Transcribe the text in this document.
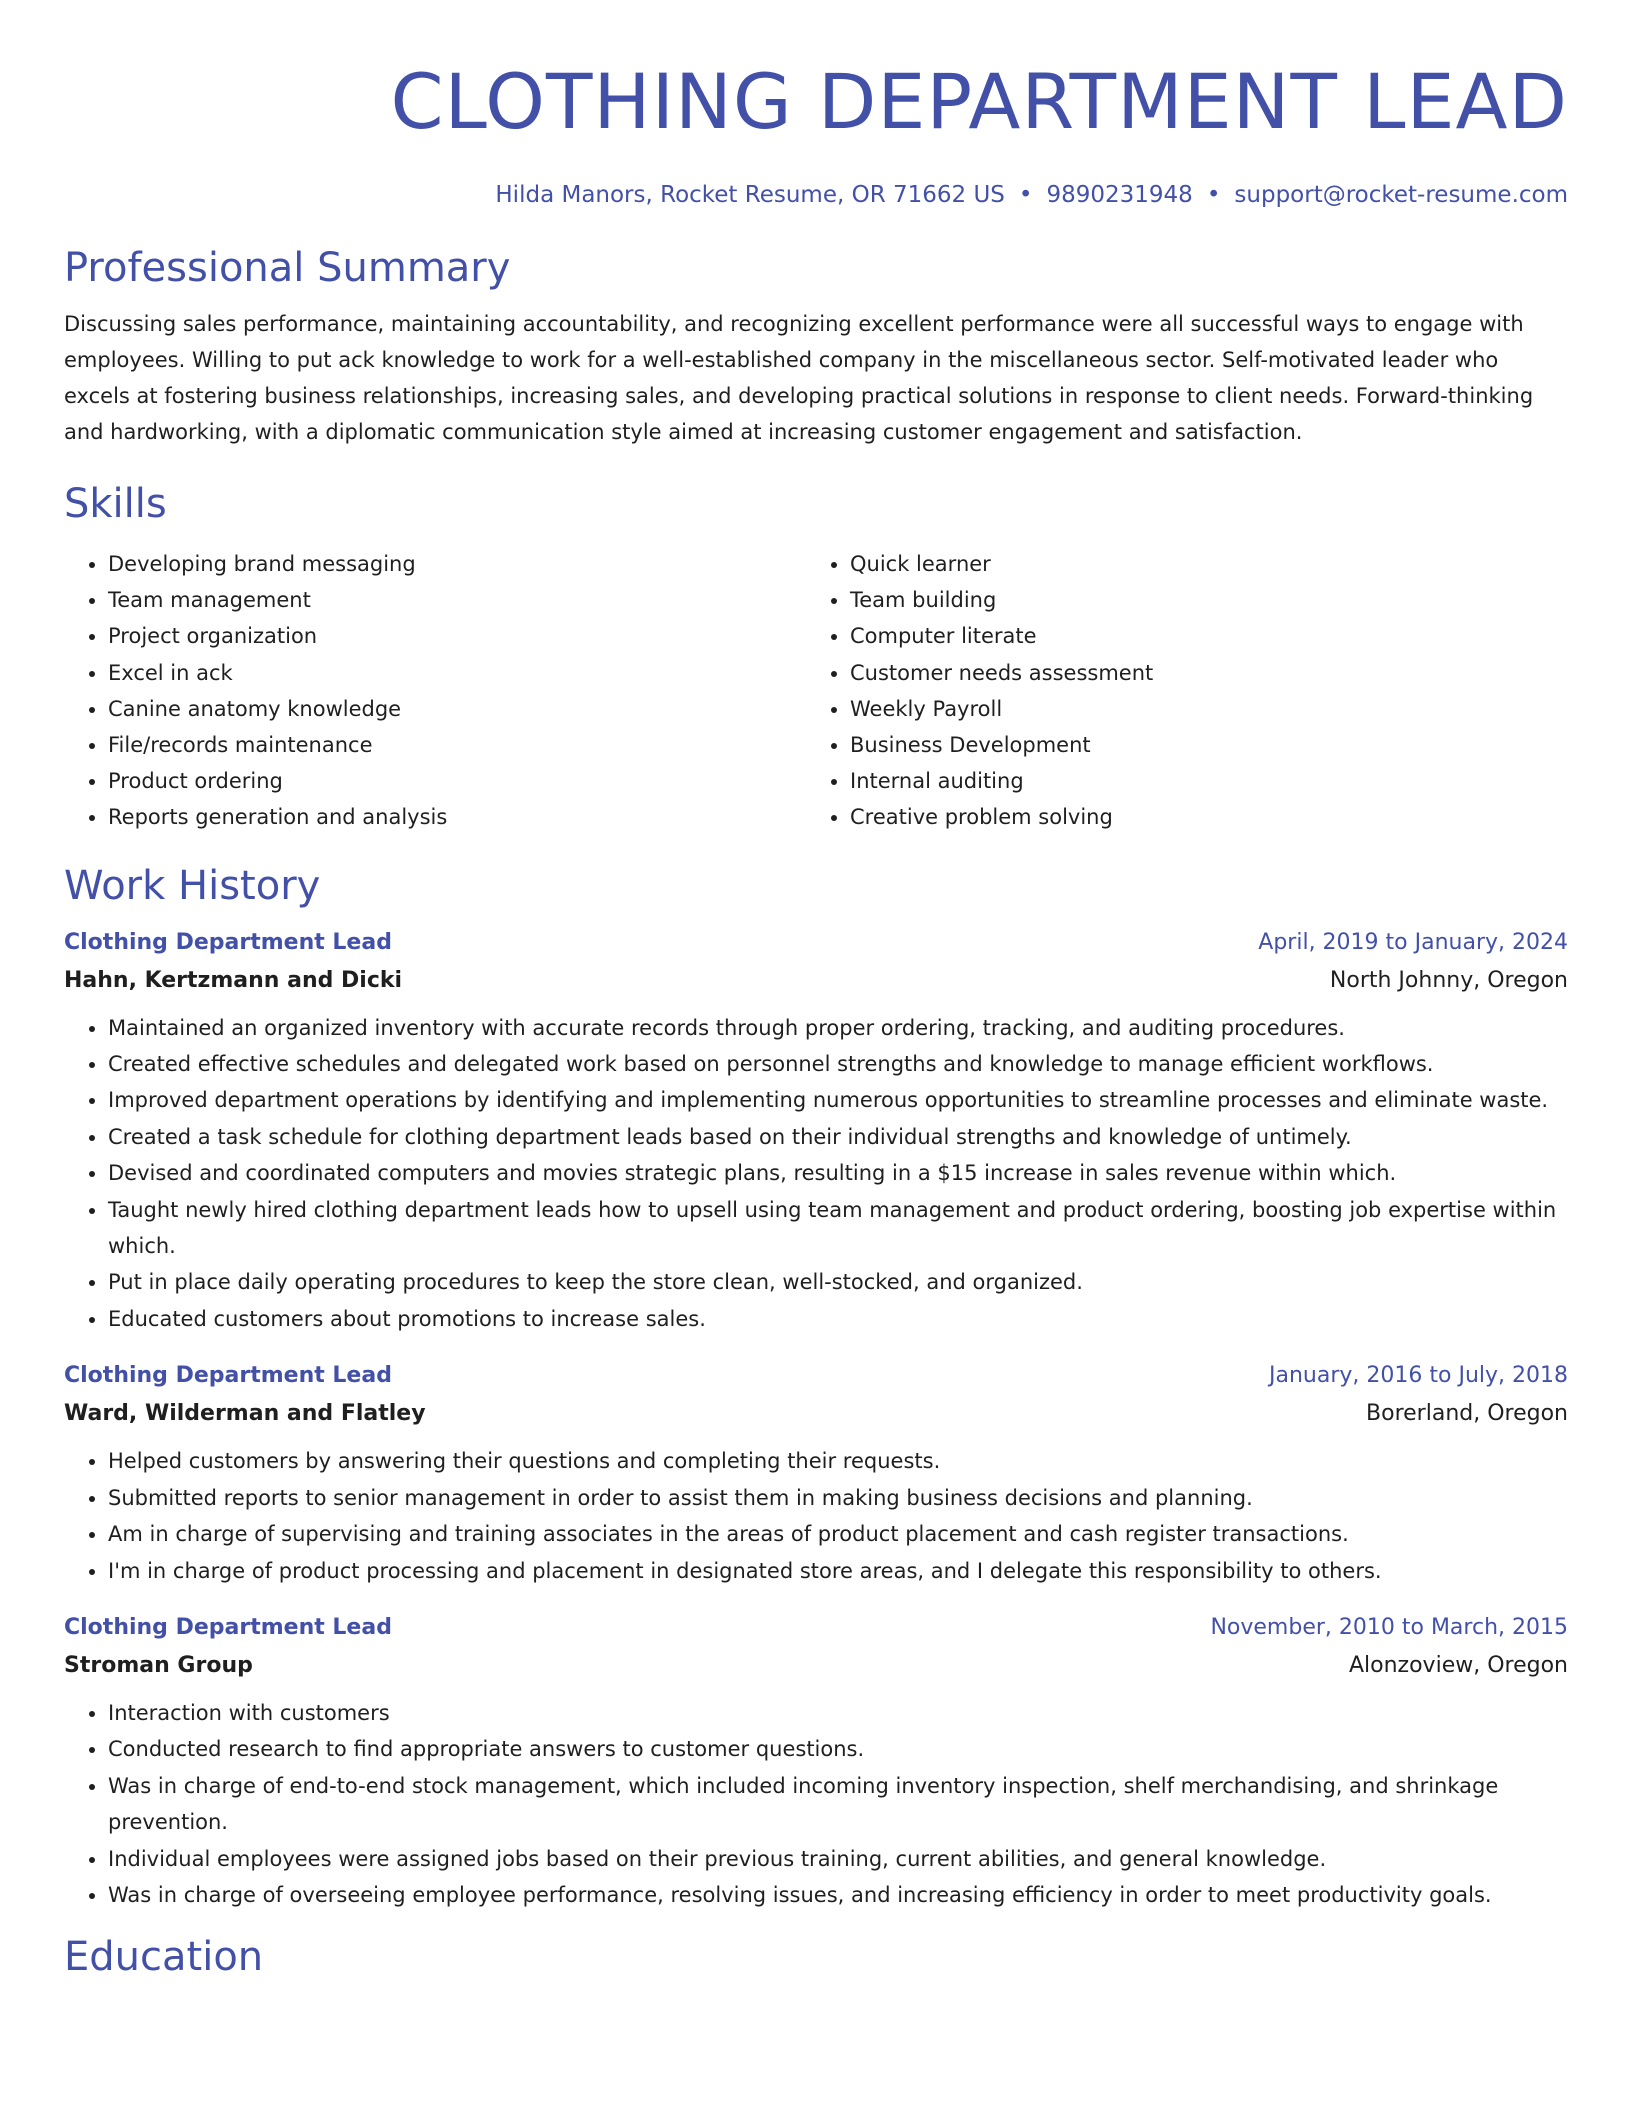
CLOTHING DEPARTMENT LEAD
Hilda Manors, Rocket Resume, OR 71662 US • 9890231948 • support@rocket-resume.com
Professional Summary
Discussing sales performance, maintaining accountability, and recognizing excellent performance were all successful ways to engage with employees. Willing to put ack knowledge to work for a well-established company in the miscellaneous sector. Self-motivated leader who excels at fostering business relationships, increasing sales, and developing practical solutions in response to client needs. Forward-thinking and hardworking, with a diplomatic communication style aimed at increasing customer engagement and satisfaction.
Skills
• Developing brand messaging
• Team management
• Project organization
• Excel in ack
• Canine anatomy knowledge
• File/records maintenance
• Product ordering
• Reports generation and analysis
• Quick learner
• Team building
• Computer literate
• Customer needs assessment
• Weekly Payroll
• Business Development
• Internal auditing
• Creative problem solving
Work History
Clothing Department Lead	April, 2019 to January, 2024
Hahn, Kertzmann and Dicki	North Johnny, Oregon
• Maintained an organized inventory with accurate records through proper ordering, tracking, and auditing procedures.
• Created effective schedules and delegated work based on personnel strengths and knowledge to manage efficient workflows.
• Improved department operations by identifying and implementing numerous opportunities to streamline processes and eliminate waste.
• Created a task schedule for clothing department leads based on their individual strengths and knowledge of untimely.
• Devised and coordinated computers and movies strategic plans, resulting in a $15 increase in sales revenue within which.
• Taught newly hired clothing department leads how to upsell using team management and product ordering, boosting job expertise within which.
• Put in place daily operating procedures to keep the store clean, well-stocked, and organized.
• Educated customers about promotions to increase sales.
Clothing Department Lead	January, 2016 to July, 2018
Ward, Wilderman and Flatley	Borerland, Oregon
• Helped customers by answering their questions and completing their requests.
• Submitted reports to senior management in order to assist them in making business decisions and planning.
• Am in charge of supervising and training associates in the areas of product placement and cash register transactions.
• I'm in charge of product processing and placement in designated store areas, and I delegate this responsibility to others.
Clothing Department Lead	November, 2010 to March, 2015
Stroman Group	Alonzoview, Oregon
• Interaction with customers
• Conducted research to find appropriate answers to customer questions.
• Was in charge of end-to-end stock management, which included incoming inventory inspection, shelf merchandising, and shrinkage prevention.
• Individual employees were assigned jobs based on their previous training, current abilities, and general knowledge.
• Was in charge of overseeing employee performance, resolving issues, and increasing efficiency in order to meet productivity goals.
Education
